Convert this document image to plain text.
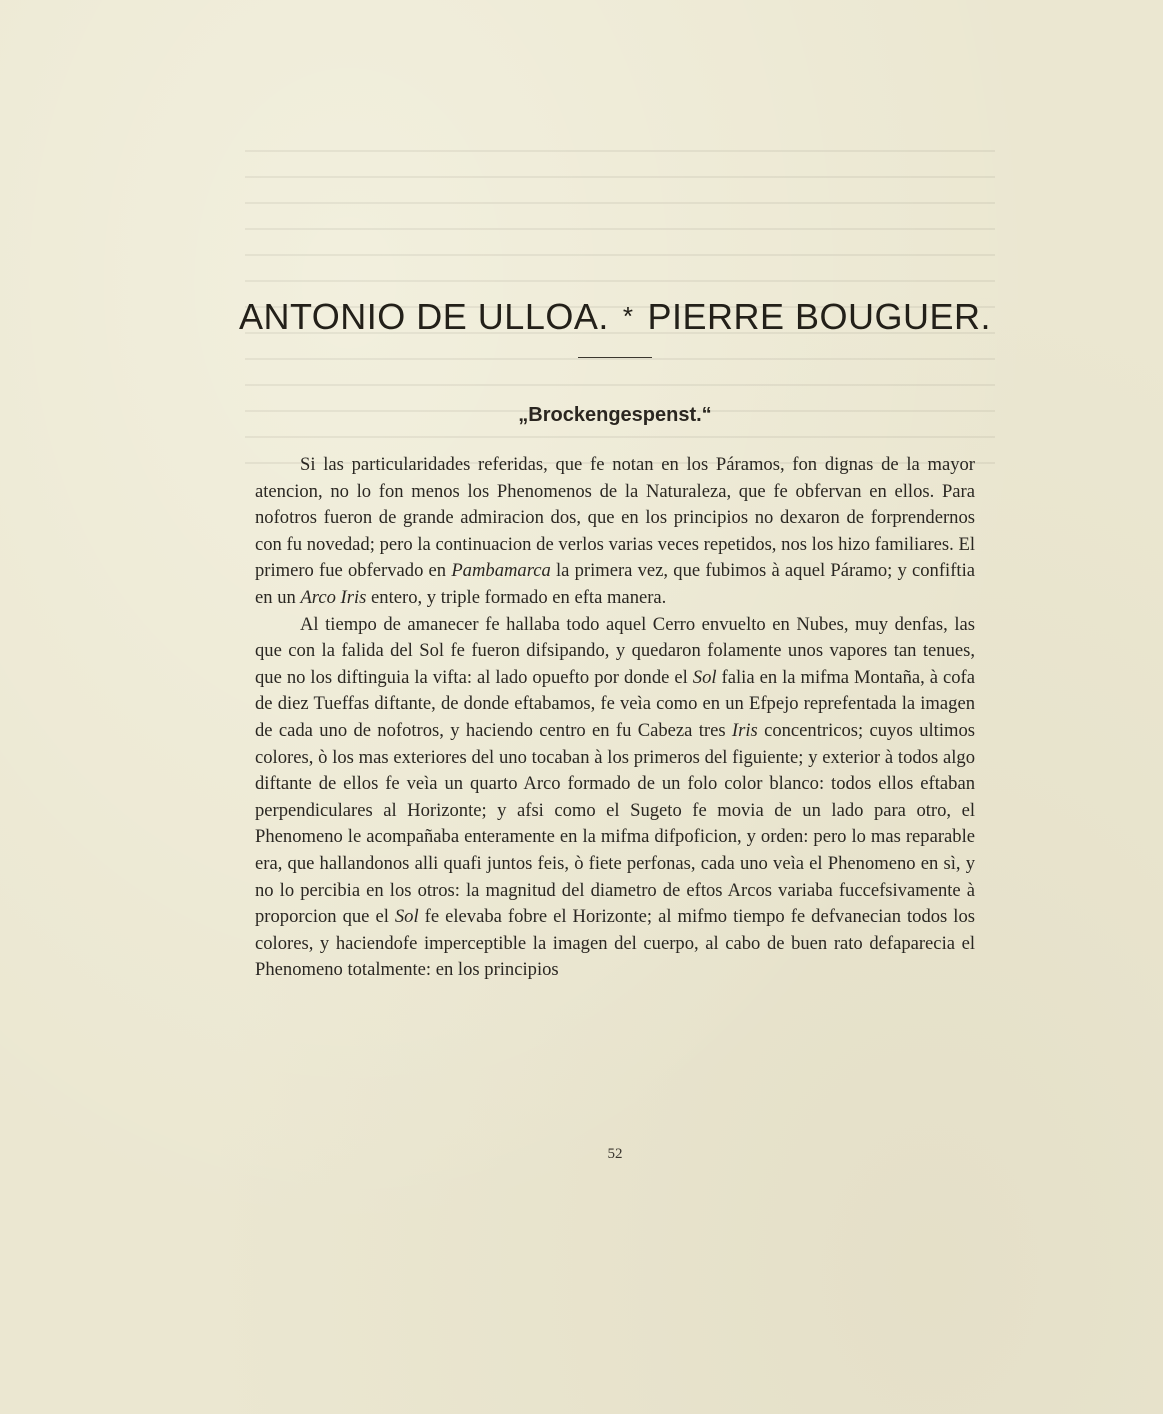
ANTONIO DE ULLOA. * PIERRE BOUGUER.
„Brockengespenst.“

Si las particularidades referidas, que fe notan en los Páramos, fon dignas de la mayor atencion, no lo fon menos los Phenomenos de la Naturaleza, que fe obfervan en ellos. Para nofotros fueron de grande admiracion dos, que en los principios no dexaron de forprendernos con fu novedad; pero la continuacion de verlos varias veces repetidos, nos los hizo familiares. El primero fue obfervado en Pambamarca la primera vez, que fubimos à aquel Páramo; y confiftia en un Arco Iris entero, y triple formado en efta manera.

Al tiempo de amanecer fe hallaba todo aquel Cerro envuelto en Nubes, muy denfas, las que con la falida del Sol fe fueron difsipando, y quedaron folamente unos vapores tan tenues, que no los diftinguia la vifta: al lado opuefto por donde el Sol falia en la mifma Montaña, à cofa de diez Tueffas diftante, de donde eftabamos, fe veìa como en un Efpejo reprefentada la imagen de cada uno de nofotros, y haciendo centro en fu Cabeza tres Iris concentricos; cuyos ultimos colores, ò los mas exteriores del uno tocaban à los primeros del figuiente; y exterior à todos algo diftante de ellos fe veìa un quarto Arco formado de un folo color blanco: todos ellos eftaban perpendiculares al Horizonte; y afsi como el Sugeto fe movia de un lado para otro, el Phenomeno le acompañaba enteramente en la mifma difpoficion, y orden: pero lo mas reparable era, que hallandonos alli quafi juntos feis, ò fiete perfonas, cada uno veìa el Phenomeno en sì, y no lo percibia en los otros: la magnitud del diametro de eftos Arcos variaba fuccefsivamente à proporcion que el Sol fe elevaba fobre el Horizonte; al mifmo tiempo fe defvanecian todos los colores, y haciendofe imperceptible la imagen del cuerpo, al cabo de buen rato defaparecia el Phenomeno totalmente: en los principios

52
